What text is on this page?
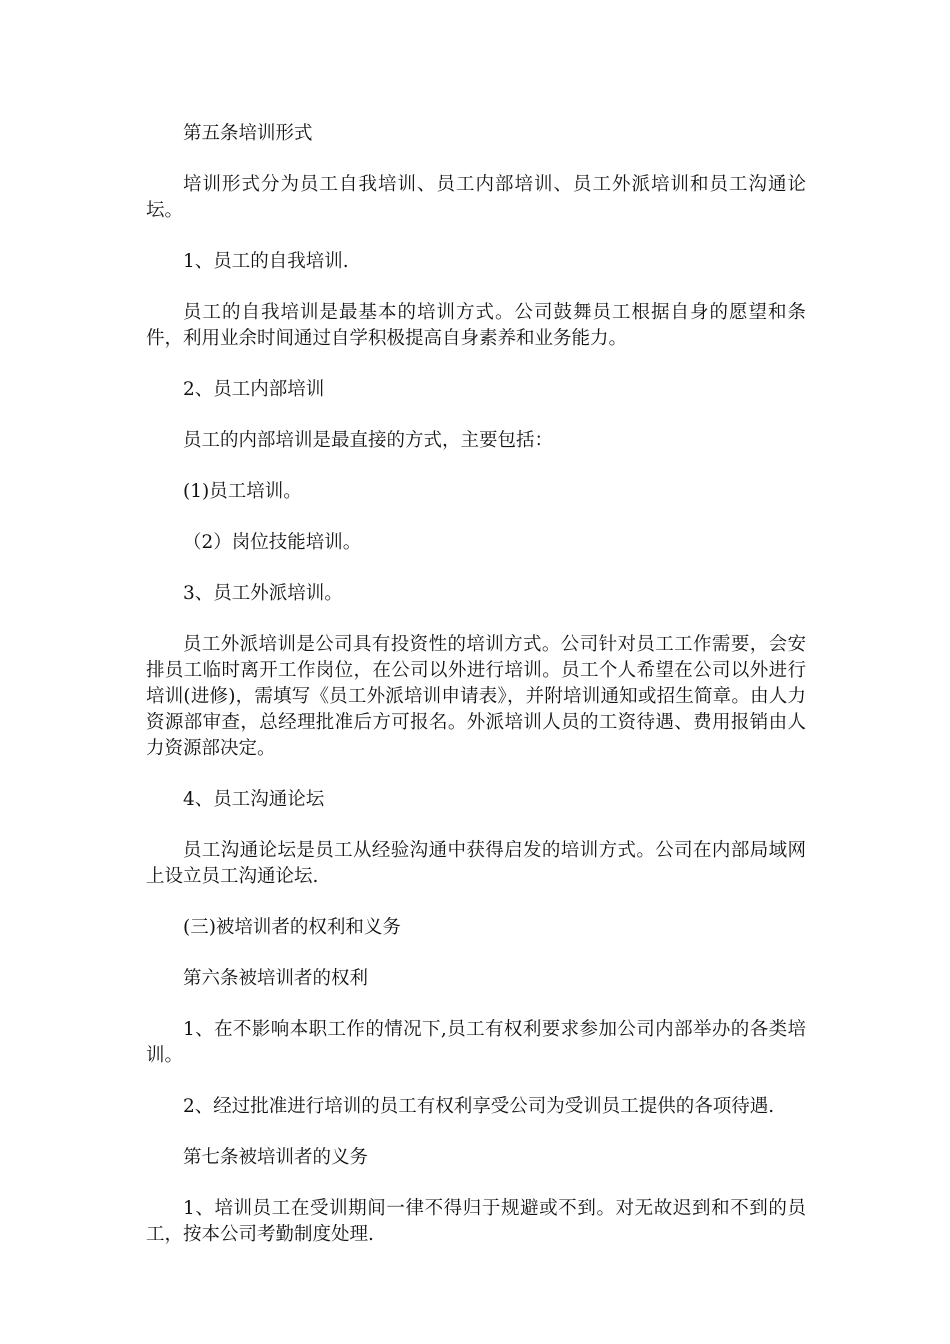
第五条培训形式

培训形式分为员工自我培训、员工内部培训、员工外派培训和员工沟通论坛。

1、员工的自我培训.

员工的自我培训是最基本的培训方式。公司鼓舞员工根据自身的愿望和条件，利用业余时间通过自学积极提高自身素养和业务能力。

2、员工内部培训

员工的内部培训是最直接的方式，主要包括：

(1)员工培训。

（2）岗位技能培训。

3、员工外派培训。

员工外派培训是公司具有投资性的培训方式。公司针对员工工作需要，会安排员工临时离开工作岗位，在公司以外进行培训。员工个人希望在公司以外进行培训(进修)，需填写《员工外派培训申请表》，并附培训通知或招生简章。由人力资源部审查，总经理批准后方可报名。外派培训人员的工资待遇、费用报销由人力资源部决定。

4、员工沟通论坛

员工沟通论坛是员工从经验沟通中获得启发的培训方式。公司在内部局域网上设立员工沟通论坛.

(三)被培训者的权利和义务

第六条被培训者的权利

1、在不影响本职工作的情况下,员工有权利要求参加公司内部举办的各类培训。

2、经过批准进行培训的员工有权利享受公司为受训员工提供的各项待遇.

第七条被培训者的义务

1、培训员工在受训期间一律不得归于规避或不到。对无故迟到和不到的员工，按本公司考勤制度处理.
